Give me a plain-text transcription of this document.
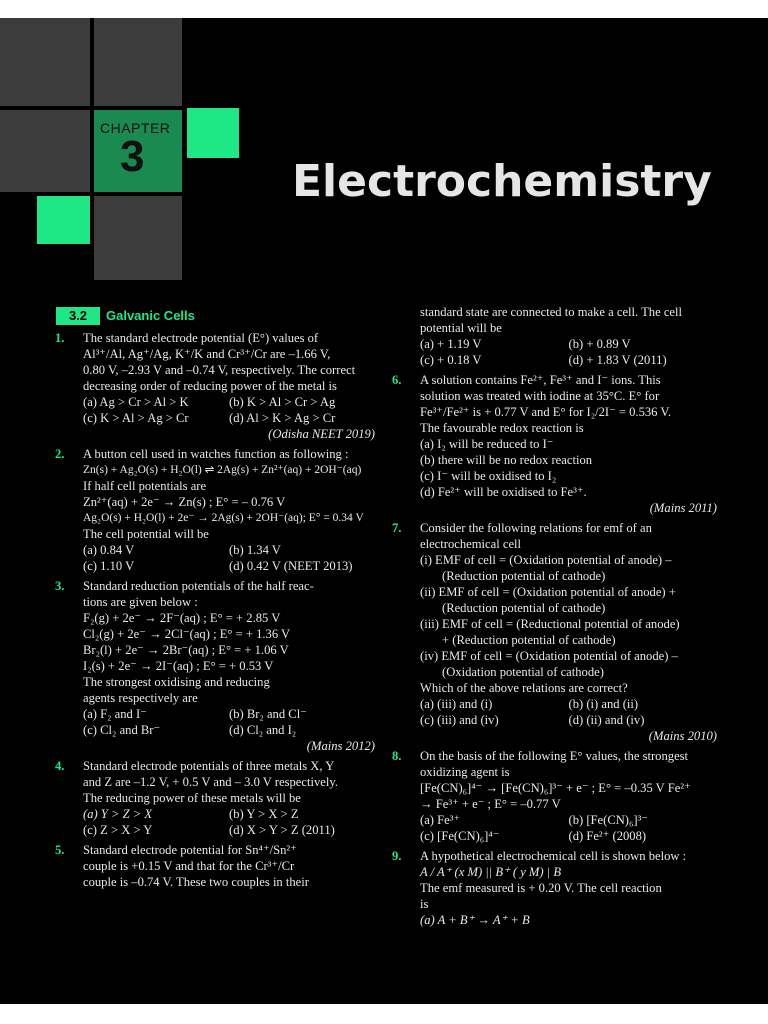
CHAPTER
3	Electrochemistry
3.2	Galvanic Cells
1. The standard electrode potential (E°) values of
Al³⁺/Al, Ag⁺/Ag, K⁺/K and Cr³⁺/Cr are –1.66 V,
0.80 V, –2.93 V and –0.74 V, respectively. The correct
decreasing order of reducing power of the metal is
(a) Ag > Cr > Al > K	(b) K > Al > Cr > Ag
(c) K > Al > Ag > Cr	(d) Al > K > Ag > Cr
(Odisha NEET 2019)
2. A button cell used in watches function as following :
Zn(s) + Ag₂O(s) + H₂O(l) ⇌ 2Ag(s) + Zn²⁺(aq) + 2OH⁻(aq)
If half cell potentials are
Zn²⁺(aq) + 2e⁻ → Zn(s) ; E° = – 0.76 V
Ag₂O(s) + H₂O(l) + 2e⁻ → 2Ag(s) + 2OH⁻(aq); E° = 0.34 V
The cell potential will be
(a) 0.84 V	(b) 1.34 V
(c) 1.10 V	(d) 0.42 V (NEET 2013)
3. Standard reduction potentials of the half reac-
tions are given below :
F₂(g) + 2e⁻ → 2F⁻(aq) ; E° = + 2.85 V
Cl₂(g) + 2e⁻ → 2Cl⁻(aq) ; E° = + 1.36 V
Br₂(l) + 2e⁻ → 2Br⁻(aq) ; E° = + 1.06 V
I₂(s) + 2e⁻ → 2I⁻(aq) ; E° = + 0.53 V
The strongest oxidising and reducing
agents respectively are
(a) F₂ and I⁻	(b) Br₂ and Cl⁻
(c) Cl₂ and Br⁻	(d) Cl₂ and I₂
(Mains 2012)
4. Standard electrode potentials of three metals X, Y
and Z are –1.2 V, + 0.5 V and – 3.0 V respectively.
The reducing power of these metals will be
(a) Y > Z > X	(b) Y > X > Z
(c) Z > X > Y	(d) X > Y > Z (2011)
5. Standard electrode potential for Sn⁴⁺/Sn²⁺
couple is +0.15 V and that for the Cr³⁺/Cr
couple is –0.74 V. These two couples in their
standard state are connected to make a cell. The cell
potential will be
(a) + 1.19 V	(b) + 0.89 V
(c) + 0.18 V	(d) + 1.83 V (2011)
6. A solution contains Fe²⁺, Fe³⁺ and I⁻ ions. This
solution was treated with iodine at 35°C. E° for
Fe³⁺/Fe²⁺ is + 0.77 V and E° for I₂/2I⁻ = 0.536 V.
The favourable redox reaction is
(a) I₂ will be reduced to I⁻
(b) there will be no redox reaction
(c) I⁻ will be oxidised to I₂
(d) Fe²⁺ will be oxidised to Fe³⁺.
(Mains 2011)
7. Consider the following relations for emf of an
electrochemical cell
(i) EMF of cell = (Oxidation potential of anode) –
(Reduction potential of cathode)
(ii) EMF of cell = (Oxidation potential of anode) +
(Reduction potential of cathode)
(iii) EMF of cell = (Reductional potential of anode)
+ (Reduction potential of cathode)
(iv) EMF of cell = (Oxidation potential of anode) –
(Oxidation potential of cathode)
Which of the above relations are correct?
(a) (iii) and (i)	(b) (i) and (ii)
(c) (iii) and (iv)	(d) (ii) and (iv)
(Mains 2010)
8. On the basis of the following E° values, the strongest
oxidizing agent is
[Fe(CN)₆]⁴⁻ → [Fe(CN)₆]³⁻ + e⁻ ; E° = –0.35 V Fe²⁺
→ Fe³⁺ + e⁻ ; E° = –0.77 V
(a) Fe³⁺	(b) [Fe(CN)₆]³⁻
(c) [Fe(CN)₆]⁴⁻	(d) Fe²⁺ (2008)
9. A hypothetical electrochemical cell is shown below :
A / A⁺ (x M) || B⁺ ( y M) | B
The emf measured is + 0.20 V. The cell reaction
is
(a) A + B⁺ → A⁺ + B
